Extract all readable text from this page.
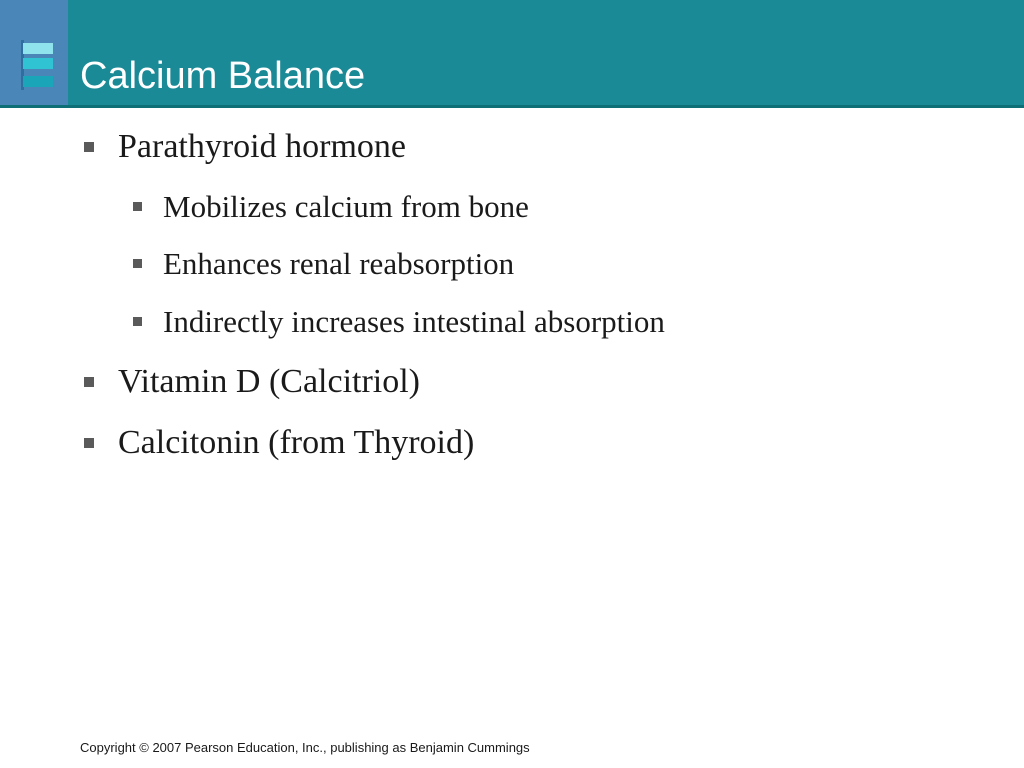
Calcium Balance
Parathyroid hormone
Mobilizes calcium from bone
Enhances renal reabsorption
Indirectly increases intestinal absorption
Vitamin D (Calcitriol)
Calcitonin (from Thyroid)
Copyright © 2007 Pearson Education, Inc., publishing as Benjamin Cummings
